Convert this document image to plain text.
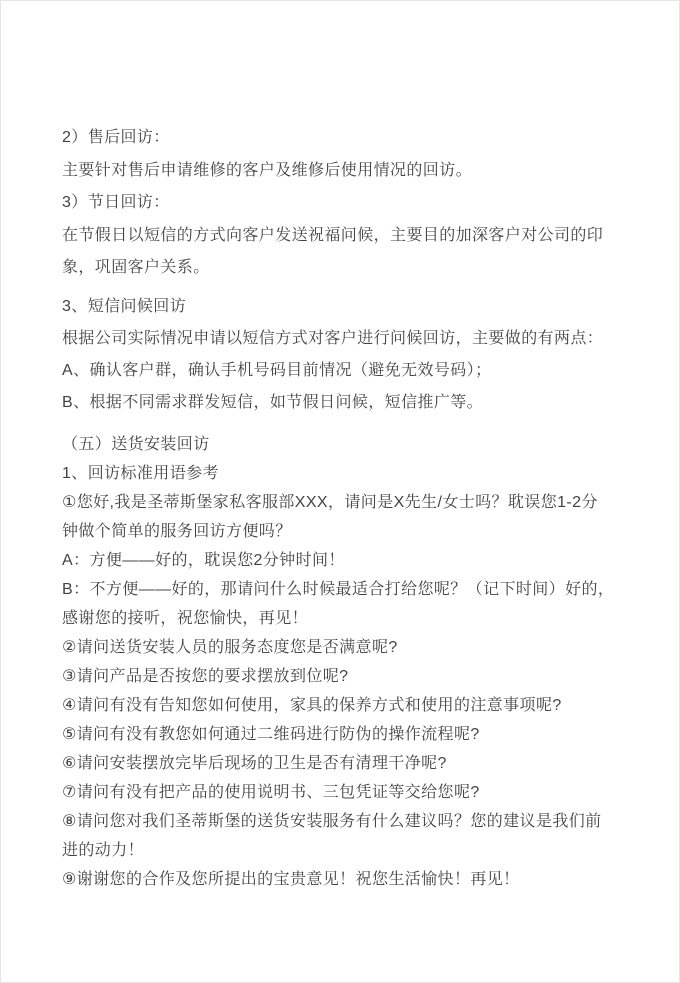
2）售后回访：
主要针对售后申请维修的客户及维修后使用情况的回访。
3）节日回访：
在节假日以短信的方式向客户发送祝福问候，主要目的加深客户对公司的印
象，巩固客户关系。
3、短信问候回访
根据公司实际情况申请以短信方式对客户进行问候回访，主要做的有两点：
A、确认客户群，确认手机号码目前情况（避免无效号码）；
B、根据不同需求群发短信，如节假日问候，短信推广等。
（五）送货安装回访
1、回访标准用语参考
①您好,我是圣蒂斯堡家私客服部XXX，请问是X先生/女士吗？耽误您1-2分
钟做个简单的服务回访方便吗？
A：方便——好的，耽误您2分钟时间！
B：不方便——好的，那请问什么时候最适合打给您呢？（记下时间）好的，
感谢您的接听，祝您愉快，再见！
②请问送货安装人员的服务态度您是否满意呢?
③请问产品是否按您的要求摆放到位呢?
④请问有没有告知您如何使用，家具的保养方式和使用的注意事项呢?
⑤请问有没有教您如何通过二维码进行防伪的操作流程呢?
⑥请问安装摆放完毕后现场的卫生是否有清理干净呢?
⑦请问有没有把产品的使用说明书、三包凭证等交给您呢?
⑧请问您对我们圣蒂斯堡的送货安装服务有什么建议吗？您的建议是我们前
进的动力！
⑨谢谢您的合作及您所提出的宝贵意见！祝您生活愉快！再见！
